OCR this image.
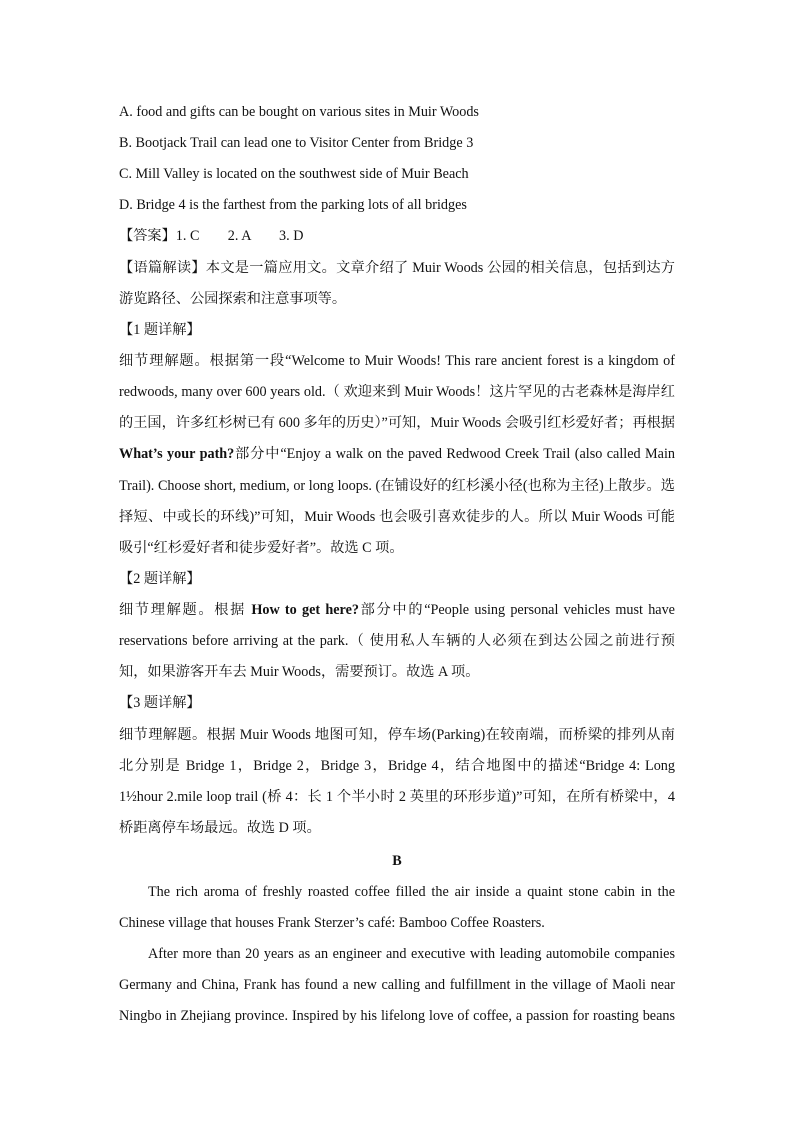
A. food and gifts can be bought on various sites in Muir Woods
B. Bootjack Trail can lead one to Visitor Center from Bridge 3
C. Mill Valley is located on the southwest side of Muir Beach
D. Bridge 4 is the farthest from the parking lots of all bridges
【答案】1. C        2. A        3. D
【语篇解读】本文是一篇应用文。文章介绍了 Muir Woods 公园的相关信息，包括到达方
游览路径、公园探索和注意事项等。
【1 题详解】
细节理解题。根据第一段“Welcome to Muir Woods! This rare ancient forest is a kingdom of
redwoods, many over 600 years old.（ 欢迎来到 Muir Woods！这片罕见的古老森林是海岸红
的王国，许多红杉树已有 600 多年的历史）”可知，Muir Woods 会吸引红杉爱好者；再根据
What’s your path?部分中“Enjoy a walk on the paved Redwood Creek Trail (also called Main
Trail). Choose short, medium, or long loops. (在铺设好的红杉溪小径(也称为主径)上散步。选
择短、中或长的环线)”可知，Muir Woods 也会吸引喜欢徒步的人。所以 Muir Woods 可能
吸引“红杉爱好者和徒步爱好者”。故选 C 项。
【2 题详解】
细节理解题。根据 How to get here?部分中的“People using personal vehicles must have
reservations before arriving at the park.（ 使用私人车辆的人必须在到达公园之前进行预
知，如果游客开车去 Muir Woods，需要预订。故选 A 项。
【3 题详解】
细节理解题。根据 Muir Woods 地图可知，停车场(Parking)在较南端，而桥梁的排列从南
北分别是 Bridge 1，Bridge 2，Bridge 3，Bridge 4，结合地图中的描述“Bridge 4: Long
1½hour 2.mile loop trail (桥 4：长 1 个半小时 2 英里的环形步道)”可知，在所有桥梁中，4
桥距离停车场最远。故选 D 项。
B
The rich aroma of freshly roasted coffee filled the air inside a quaint stone cabin in the
Chinese village that houses Frank Sterzer’s café: Bamboo Coffee Roasters.
After more than 20 years as an engineer and executive with leading automobile companies
Germany and China, Frank has found a new calling and fulfillment in the village of Maoli near
Ningbo in Zhejiang province. Inspired by his lifelong love of coffee, a passion for roasting beans
